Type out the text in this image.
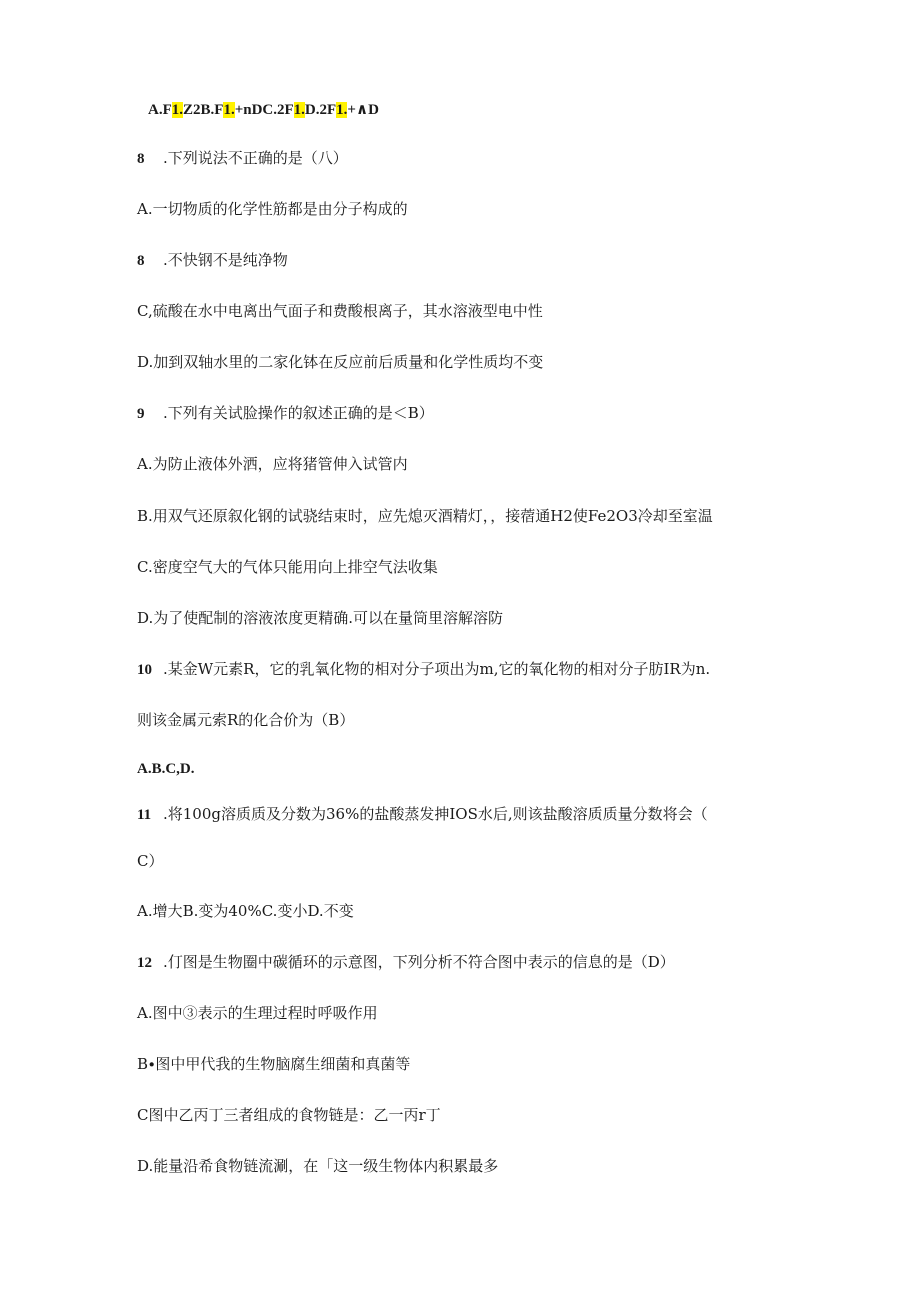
A.F1.Z2B.F1.+nDC.2F1.D.2F1.+∧D
8 .下列说法不正确的是（八）
A.一切物质的化学性筋都是由分子构成的
8 .不快钢不是纯净物
C,硫酸在水中电离出气面子和费酸根离子，其水溶液型电中性
D.加到双轴水里的二家化钵在反应前后质量和化学性质均不变
9 .下列有关试脸操作的叙述正确的是＜B）
A.为防止液体外洒，应将猪管伸入试管内
B.用双气还原叙化钢的试骁结束时，应先熄灭酒精灯，，接蓿通H2使Fe2O3冷却至室温
C.密度空气大的气体只能用向上排空气法收集
D.为了使配制的溶液浓度更精确.可以在量筒里溶解溶防
10 .某金W元素R，它的乳氧化物的相对分子项出为m,它的氧化物的相对分子肪IR为n.
则该金属元索R的化合价为（B）
A.B.C,D.
11 .将100g溶质质及分数为36%的盐酸蒸发抻IOS水后,则该盐酸溶质质量分数将会（
C）
A.增大B.变为40%C.变小D.不变
12 .仃图是生物圈中碳循环的示意图，下列分析不符合图中表示的信息的是（D）
A.图中③表示的生理过程时呼吸作用
B∙图中甲代我的生物脑腐生细菌和真菌等
C图中乙丙丁三者组成的食物链是：乙一丙r丁
D.能量沿希食物链流涮，在「这一级生物体内积累最多
